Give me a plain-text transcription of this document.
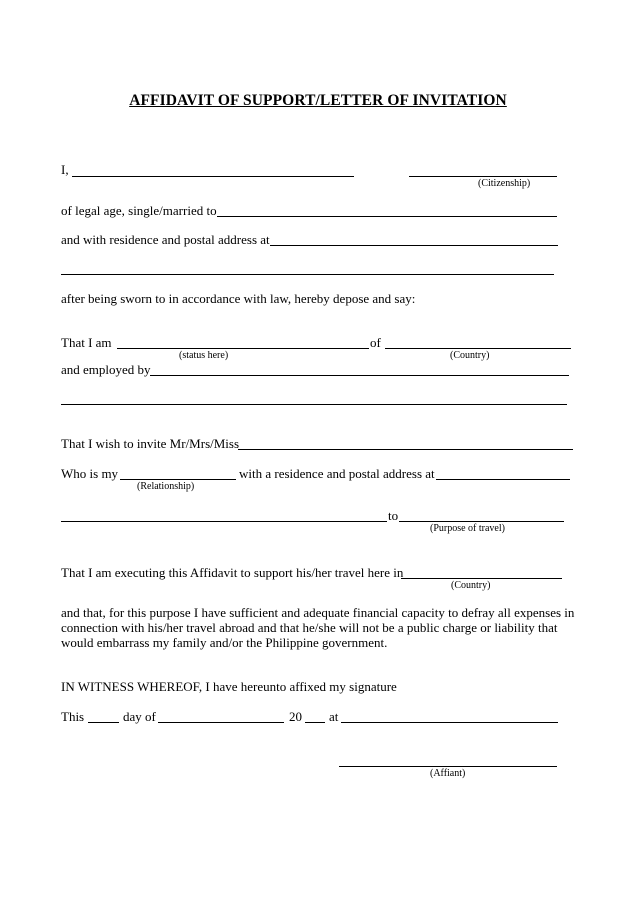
AFFIDAVIT OF SUPPORT/LETTER OF INVITATION
I,
(Citizenship)
of legal age, single/married to
and with residence and postal address at
after being sworn to in accordance with law, hereby depose and say:
That I am	of
(status here)	(Country)
and employed by
That I wish to invite Mr/Mrs/Miss
Who is my	with a residence and postal address at
(Relationship)
to
(Purpose of travel)
That I am executing this Affidavit to support his/her travel here in
(Country)
and that, for this purpose I have sufficient and adequate financial capacity to defray all expenses in connection with his/her travel abroad and that he/she will not be a public charge or liability that would embarrass my family and/or the Philippine government.
IN WITNESS WHEREOF, I have hereunto affixed my signature
This	day of	20 at
(Affiant)
